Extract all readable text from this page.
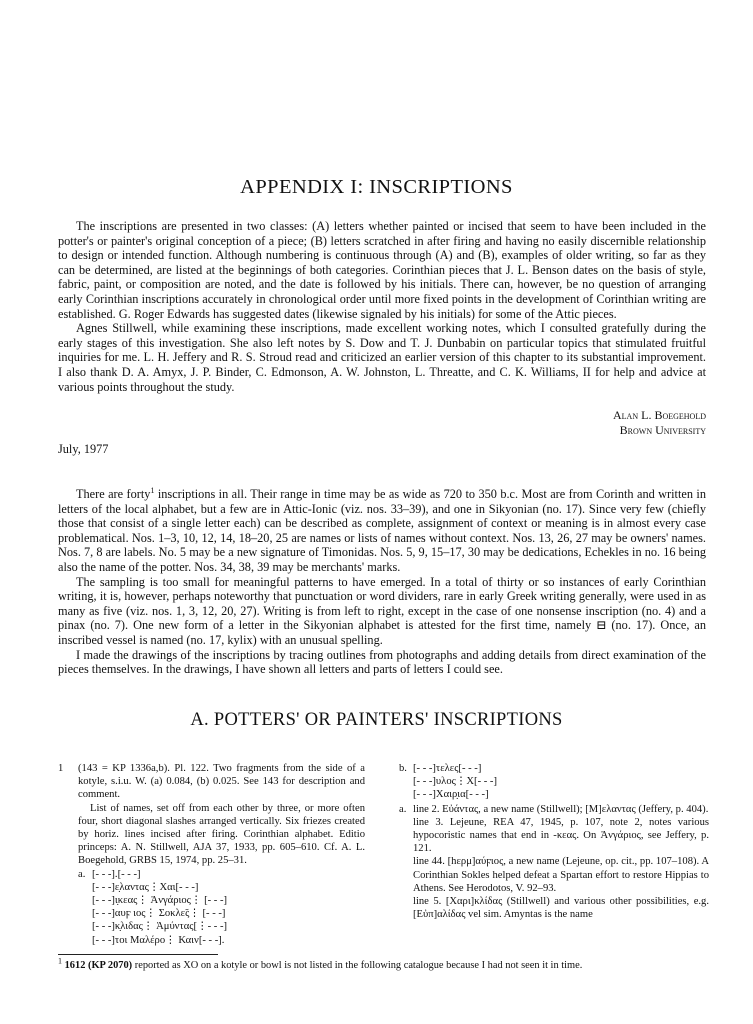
APPENDIX I: INSCRIPTIONS

The inscriptions are presented in two classes: (A) letters whether painted or incised that seem to have been included in the potter's or painter's original conception of a piece; (B) letters scratched in after firing and having no easily discernible relationship to design or intended function. Although numbering is continuous through (A) and (B), examples of older writing, so far as they can be determined, are listed at the beginnings of both categories. Corinthian pieces that J. L. Benson dates on the basis of style, fabric, paint, or composition are noted, and the date is followed by his initials. There can, however, be no question of arranging early Corinthian inscriptions accurately in chronological order until more fixed points in the development of Corinthian writing are established. G. Roger Edwards has suggested dates (likewise signaled by his initials) for some of the Attic pieces.

Agnes Stillwell, while examining these inscriptions, made excellent working notes, which I consulted gratefully during the early stages of this investigation. She also left notes by S. Dow and T. J. Dunbabin on particular topics that stimulated fruitful inquiries for me. L. H. Jeffery and R. S. Stroud read and criticized an earlier version of this chapter to its substantial improvement. I also thank D. A. Amyx, J. P. Binder, C. Edmonson, A. W. Johnston, L. Threatte, and C. K. Williams, II for help and advice at various points throughout the study.

Alan L. Boegehold
Brown University
July, 1977

There are forty$^1$ inscriptions in all. Their range in time may be as wide as 720 to 350 b.c. Most are from Corinth and written in letters of the local alphabet, but a few are in Attic-Ionic (viz. nos. 33–39), and one in Sikyonian (no. 17). Since very few (chiefly those that consist of a single letter each) can be described as complete, assignment of context or meaning is in almost every case problematical. Nos. 1–3, 10, 12, 14, 18–20, 25 are names or lists of names without context. Nos. 13, 26, 27 may be owners' names. Nos. 7, 8 are labels. No. 5 may be a new signature of Timonidas. Nos. 5, 9, 15–17, 30 may be dedications, Echekles in no. 16 being also the name of the potter. Nos. 34, 38, 39 may be merchants' marks.

The sampling is too small for meaningful patterns to have emerged. In a total of thirty or so instances of early Corinthian writing, it is, however, perhaps noteworthy that punctuation or word dividers, rare in early Greek writing generally, were used in as many as five (viz. nos. 1, 3, 12, 20, 27). Writing is from left to right, except in the case of one nonsense inscription (no. 4) and a pinax (no. 7). One new form of a letter in the Sikyonian alphabet is attested for the first time, namely ⊟ (no. 17). Once, an inscribed vessel is named (no. 17, kylix) with an unusual spelling.

I made the drawings of the inscriptions by tracing outlines from photographs and adding details from direct examination of the pieces themselves. In the drawings, I have shown all letters and parts of letters I could see.

A. POTTERS' OR PAINTERS' INSCRIPTIONS
1 (143 = KP 1336a,b). Pl. 122. Two fragments from the side of a kotyle, s.i.u. W. (a) 0.084, (b) 0.025. See 143 for description and comment.

List of names, set off from each other by three, or more often four, short diagonal slashes arranged vertically. Six friezes created by horiz. lines incised after firing. Corinthian alphabet. Editio princeps: A. N. Stillwell, AJA 37, 1933, pp. 605–610. Cf. A. L. Boegehold, GRBS 15, 1974, pp. 25–31.

a. [- - -].[- - -]

[- - -]ε̣λαντας⋮Χαι[- - -]

[- - -]ι̣κεας⋮ Ἀνγάριος⋮ [- - -]

[- - -]αυϝ ιος⋮ Σοκλε̃ς⋮ [- - -]

[- - -]κ̣λιδας⋮ Ἀμύντας[⋮- - -]

[- - -]τοι Μαλέρο⋮ Καιν[- - -].

b. [- - -]τελες[- - -]

[- - -]υλος⋮Χ[- - -]

[- - -]Χαιρ̣ια[- - -]

a. line 2. Εὐάντας, a new name (Stillwell); [Μ]ελαντας (Jeffery, p. 404).
line 3. Lejeune, REA 47, 1945, p. 107, note 2, notes various hypocoristic names that end in -κεας. On Ἀνγάριος, see Jeffery, p. 121.
line 44. [hερμ]αύϝιος, a new name (Lejeune, op. cit., pp. 107–108). A Corinthian Sokles helped defeat a Spartan effort to restore Hippias to Athens. See Herodotos, V. 92–93.
line 5. [Χαρι]κλίδας (Stillwell) and various other possibilities, e.g. [Εὐπ]αλίδας vel sim. Amyntas is the name
$^1$ 1612 (KP 2070) reported as XO on a kotyle or bowl is not listed in the following catalogue because I had not seen it in time.
